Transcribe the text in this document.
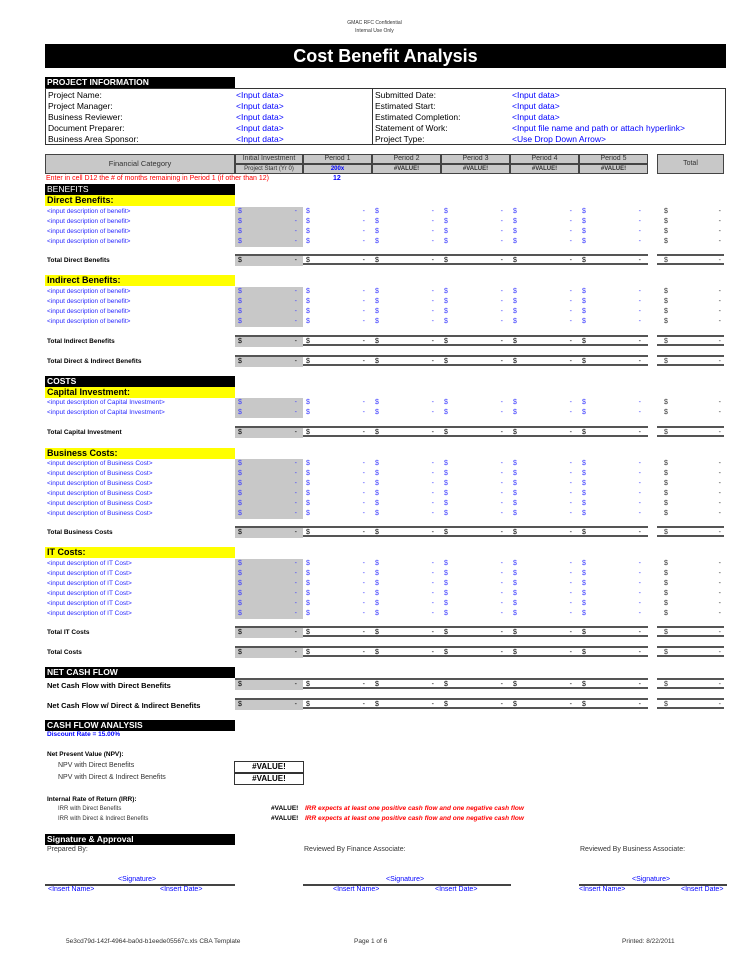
GMAC RFC Confidential
Internal Use Only
Cost Benefit Analysis
PROJECT INFORMATION
Project Name:	<Input data>
Project Manager:	<Input data>
Business Reviewer:	<Input data>
Document Preparer:	<Input data>
Business Area Sponsor:	<Input data>
Submitted Date:	<Input data>
Estimated Start:	<Input data>
Estimated Completion:	<Input data>
Statement of Work:	<Input file name and path or attach hyperlink>
Project Type:	<Use Drop Down Arrow>
Financial Category
Initial Investment
Project Start (Yr 0)
Period 1
200x
Period 2
#VALUE!
Period 3
#VALUE!
Period 4
#VALUE!
Period 5
#VALUE!
Total
Enter in cell D12 the # of months remaining in Period 1 (if other than 12)	12
BENEFITS
Direct Benefits:
<input description of benefit>	$	- $	- $	- $	- $	- $	-	$	-
<input description of benefit>	$	- $	- $	- $	- $	- $	-	$	-
<input description of benefit>	$	- $	- $	- $	- $	- $	-	$	-
<input description of benefit>	$	- $	- $	- $	- $	- $	-	$	-
Total Direct Benefits	$	- $	- $	- $	- $	- $	-	$	-
Indirect Benefits:
<input description of benefit>	$	- $	- $	- $	- $	- $	-	$	-
<input description of benefit>	$	- $	- $	- $	- $	- $	-	$	-
<input description of benefit>	$	- $	- $	- $	- $	- $	-	$	-
<input description of benefit>	$	- $	- $	- $	- $	- $	-	$	-
Total Indirect Benefits	$	- $	- $	- $	- $	- $	-	$	-
Total Direct & Indirect Benefits	$	- $	- $	- $	- $	- $	-	$	-
COSTS
Capital Investment:
<input description of Capital Investment>	$	- $	- $	- $	- $	- $	-	$	-
<input description of Capital Investment>	$	- $	- $	- $	- $	- $	-	$	-
Total Capital Investment	$	- $	- $	- $	- $	- $	-	$	-
Business Costs:
<input description of Business Cost>	$	- $	- $	- $	- $	- $	-	$	-
<input description of Business Cost>	$	- $	- $	- $	- $	- $	-	$	-
<input description of Business Cost>	$	- $	- $	- $	- $	- $	-	$	-
<input description of Business Cost>	$	- $	- $	- $	- $	- $	-	$	-
<input description of Business Cost>	$	- $	- $	- $	- $	- $	-	$	-
<input description of Business Cost>	$	- $	- $	- $	- $	- $	-	$	-
Total Business Costs	$	- $	- $	- $	- $	- $	-	$	-
IT Costs:
<input description of IT Cost>	$	- $	- $	- $	- $	- $	-	$	-
<input description of IT Cost>	$	- $	- $	- $	- $	- $	-	$	-
<input description of IT Cost>	$	- $	- $	- $	- $	- $	-	$	-
<input description of IT Cost>	$	- $	- $	- $	- $	- $	-	$	-
<input description of IT Cost>	$	- $	- $	- $	- $	- $	-	$	-
<input description of IT Cost>	$	- $	- $	- $	- $	- $	-	$	-
Total IT Costs	$	- $	- $	- $	- $	- $	-	$	-
Total Costs	$	- $	- $	- $	- $	- $	-	$	-
Net Cash Flow with Direct Benefits	$	- $	- $	- $	- $	- $	-	$	-
Net Cash Flow w/ Direct & Indirect Benefits	$	- $	- $	- $	- $	- $	-	$	-
NET CASH FLOW
CASH FLOW ANALYSIS
Discount Rate = 15.00%
Net Present Value (NPV):
NPV with Direct Benefits	#VALUE!
NPV with Direct & Indirect Benefits	#VALUE!
Internal Rate of Return (IRR):
IRR with Direct Benefits	#VALUE! IRR expects at least one positive cash flow and one negative cash flow
IRR with Direct & Indirect Benefits	#VALUE! IRR expects at least one positive cash flow and one negative cash flow
Signature & Approval
Prepared By:	Reviewed By Finance Associate:	Reviewed By Business Associate:
<Signature>
<Insert Name>	<Insert Date>
<Signature>
<Insert Name>	<Insert Date>
<Signature>
<Insert Name>	<Insert Date>
5e3cd79d-142f-4964-ba0d-b1eede05567c.xls CBA Template	Page 1 of 6	Printed: 8/22/2011
